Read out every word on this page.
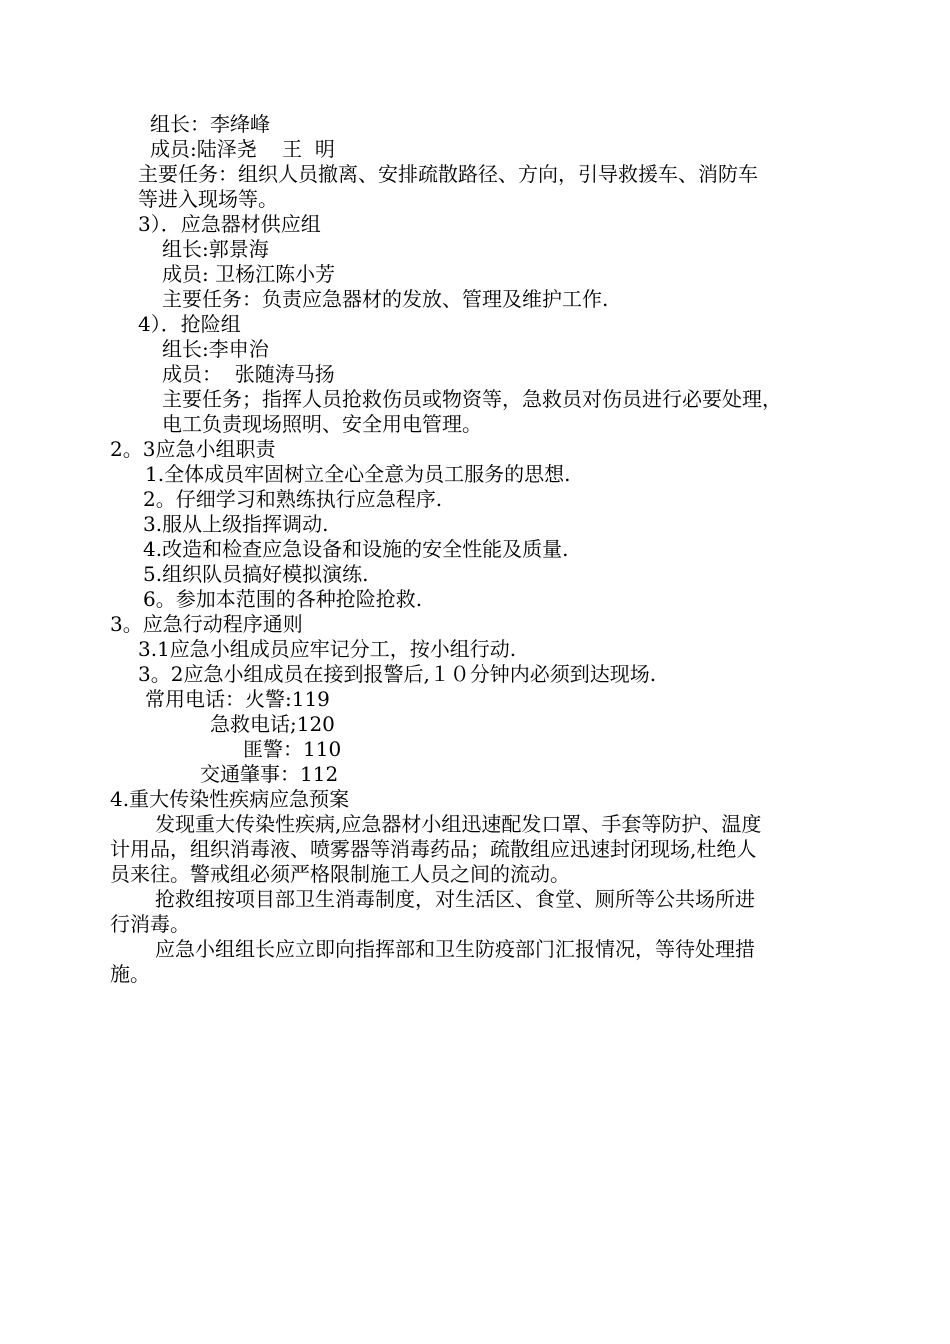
组长：李绛峰
成员:陆泽尧    王  明
主要任务：组织人员撤离、安排疏散路径、方向，引导救援车、消防车
等进入现场等。
3）．应急器材供应组
组长:郭景海
成员: 卫杨江陈小芳
主要任务：负责应急器材的发放、管理及维护工作.
4）．抢险组
组长:李申治
成员：  张随涛马扬
主要任务；指挥人员抢救伤员或物资等，急救员对伤员进行必要处理，
电工负责现场照明、安全用电管理。
2。3应急小组职责
1.全体成员牢固树立全心全意为员工服务的思想.
2。仔细学习和熟练执行应急程序.
3.服从上级指挥调动.
4.改造和检查应急设备和设施的安全性能及质量.
5.组织队员搞好模拟演练.
6。参加本范围的各种抢险抢救.
3。应急行动程序通则
3.1应急小组成员应牢记分工，按小组行动.
3。2应急小组成员在接到报警后,１０分钟内必须到达现场.
常用电话：火警:119
急救电话;120
匪警：110
交通肇事：112
4.重大传染性疾病应急预案
发现重大传染性疾病,应急器材小组迅速配发口罩、手套等防护、温度
计用品，组织消毒液、喷雾器等消毒药品；疏散组应迅速封闭现场,杜绝人
员来往。警戒组必须严格限制施工人员之间的流动。
抢救组按项目部卫生消毒制度，对生活区、食堂、厕所等公共场所进
行消毒。
应急小组组长应立即向指挥部和卫生防疫部门汇报情况，等待处理措
施。
